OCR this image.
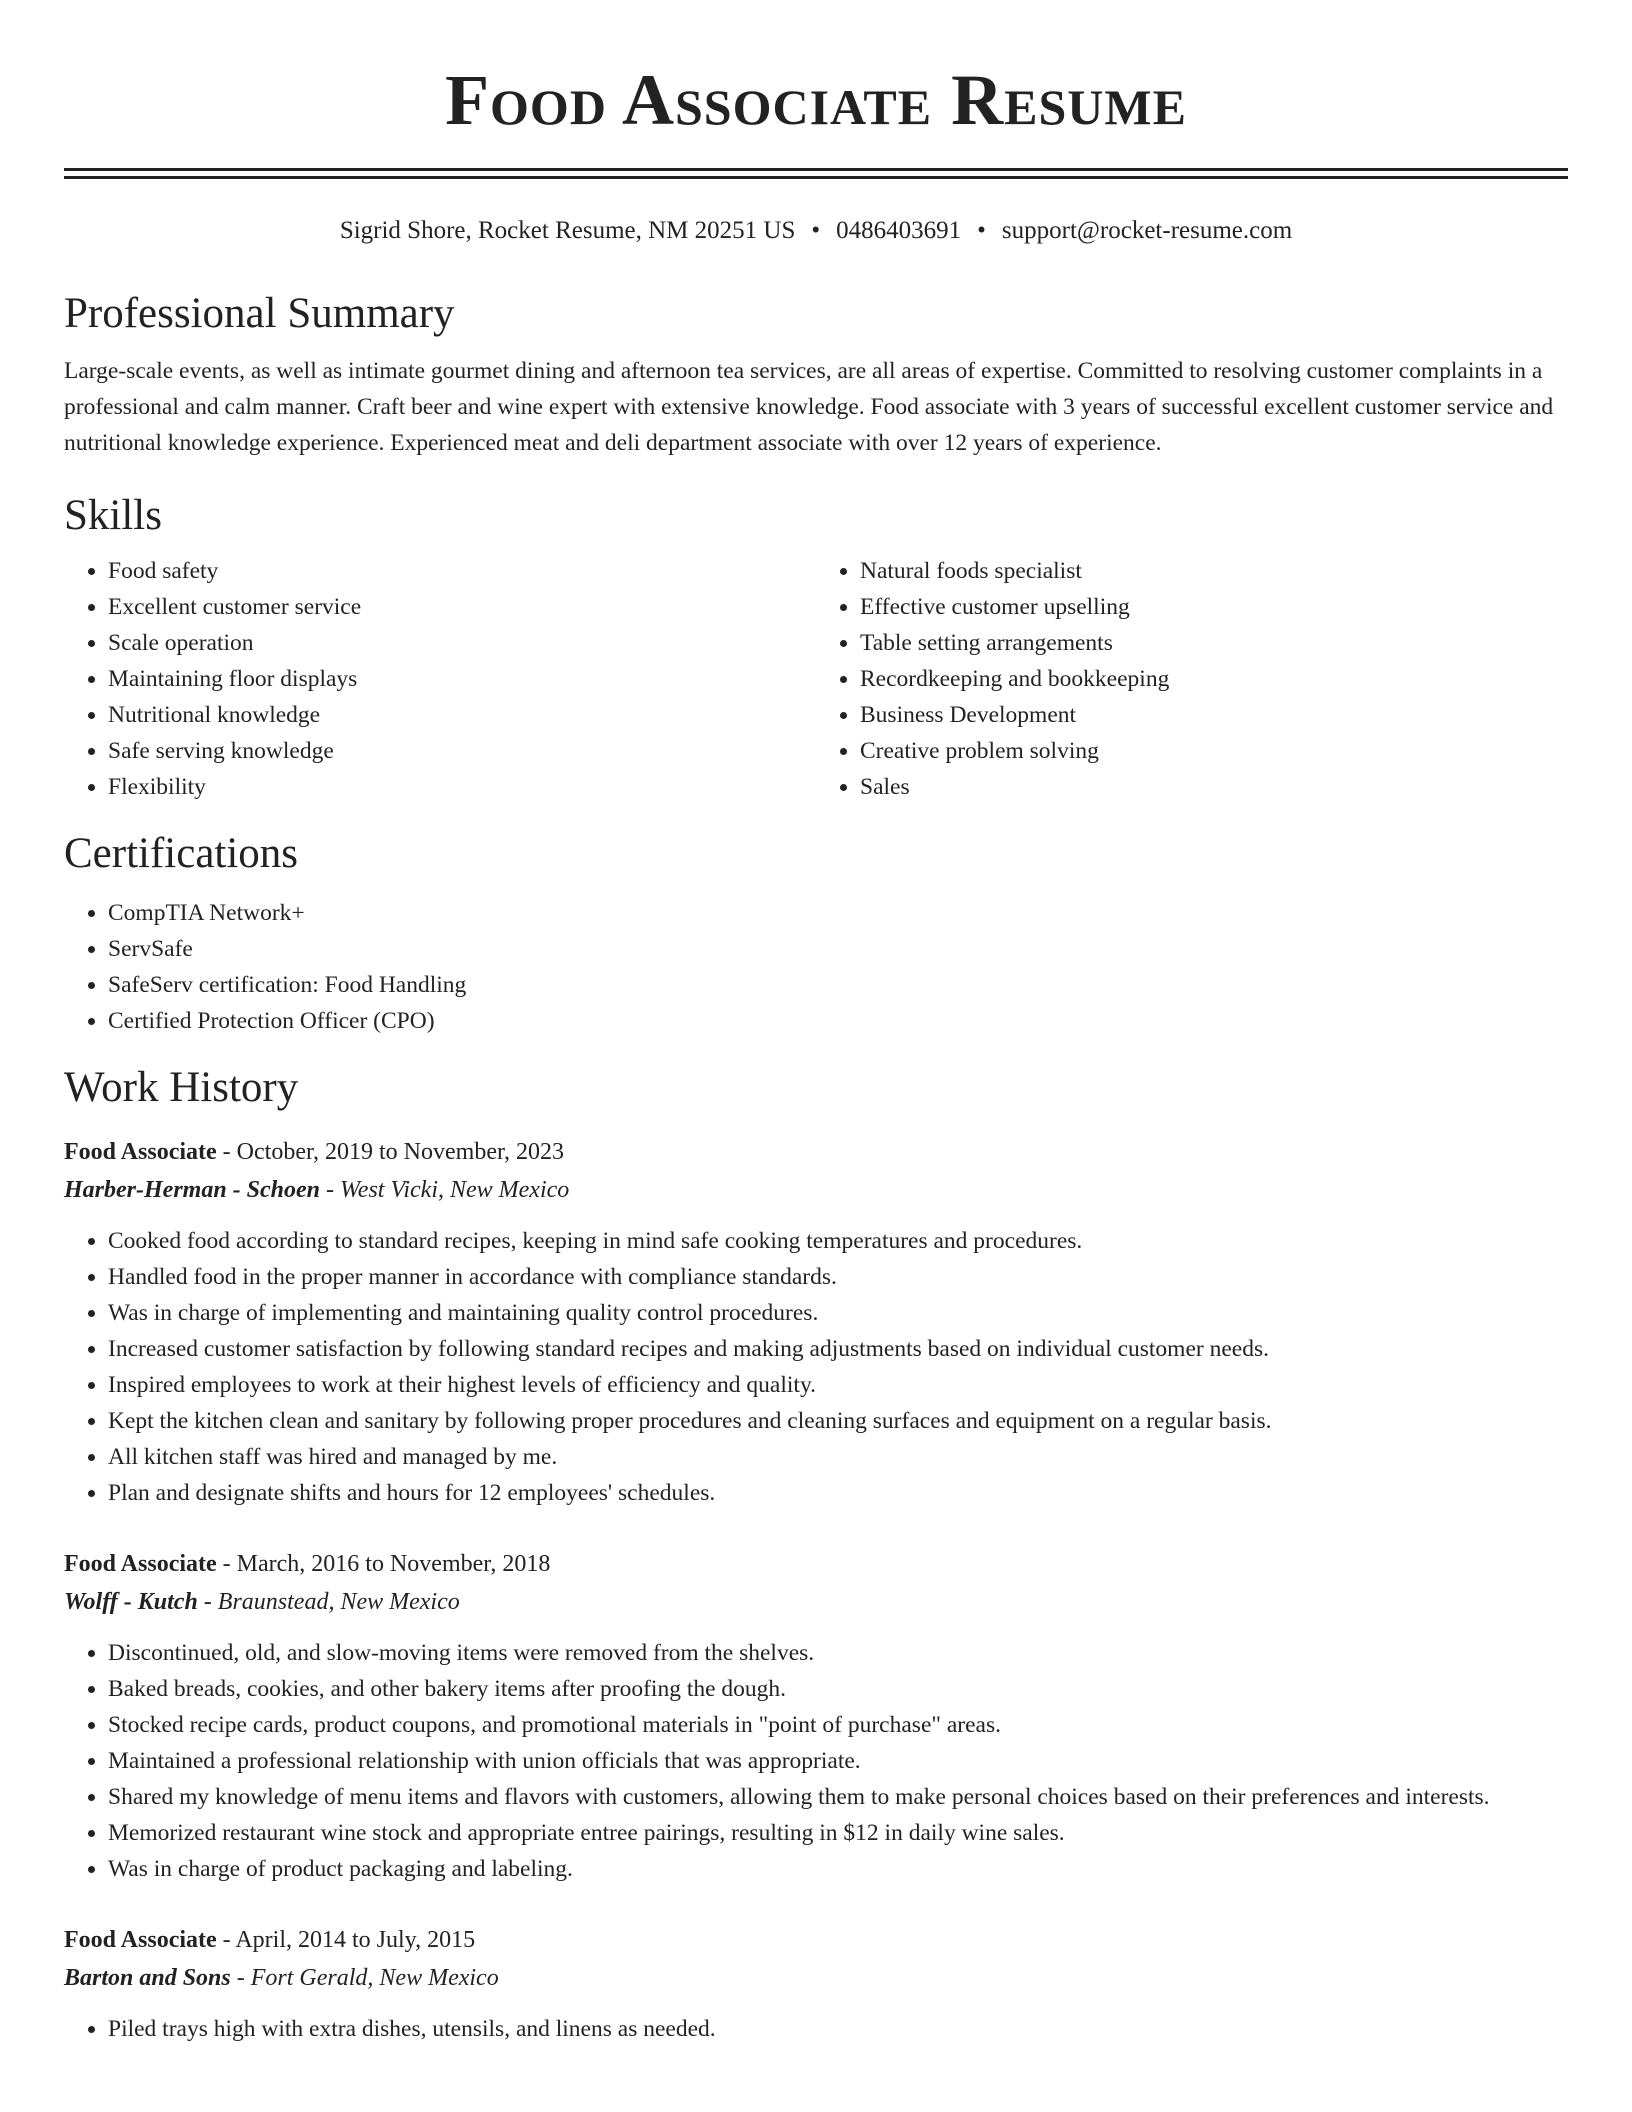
Food Associate Resume
Sigrid Shore, Rocket Resume, NM 20251 US • 0486403691 • support@rocket-resume.com
Professional Summary

Large-scale events, as well as intimate gourmet dining and afternoon tea services, are all areas of expertise. Committed to resolving customer complaints in a professional and calm manner. Craft beer and wine expert with extensive knowledge. Food associate with 3 years of successful excellent customer service and nutritional knowledge experience. Experienced meat and deli department associate with over 12 years of experience.

Skills
• Food safety
• Excellent customer service
• Scale operation
• Maintaining floor displays
• Nutritional knowledge
• Safe serving knowledge
• Flexibility
• Natural foods specialist
• Effective customer upselling
• Table setting arrangements
• Recordkeeping and bookkeeping
• Business Development
• Creative problem solving
• Sales
Certifications
• CompTIA Network+
• ServSafe
• SafeServ certification: Food Handling
• Certified Protection Officer (CPO)
Work History
Food Associate - October, 2019 to November, 2023
Harber-Herman - Schoen - West Vicki, New Mexico
• Cooked food according to standard recipes, keeping in mind safe cooking temperatures and procedures.
• Handled food in the proper manner in accordance with compliance standards.
• Was in charge of implementing and maintaining quality control procedures.
• Increased customer satisfaction by following standard recipes and making adjustments based on individual customer needs.
• Inspired employees to work at their highest levels of efficiency and quality.
• Kept the kitchen clean and sanitary by following proper procedures and cleaning surfaces and equipment on a regular basis.
• All kitchen staff was hired and managed by me.
• Plan and designate shifts and hours for 12 employees' schedules.
Food Associate - March, 2016 to November, 2018
Wolff - Kutch - Braunstead, New Mexico
• Discontinued, old, and slow-moving items were removed from the shelves.
• Baked breads, cookies, and other bakery items after proofing the dough.
• Stocked recipe cards, product coupons, and promotional materials in "point of purchase" areas.
• Maintained a professional relationship with union officials that was appropriate.
• Shared my knowledge of menu items and flavors with customers, allowing them to make personal choices based on their preferences and interests.
• Memorized restaurant wine stock and appropriate entree pairings, resulting in $12 in daily wine sales.
• Was in charge of product packaging and labeling.
Food Associate - April, 2014 to July, 2015
Barton and Sons - Fort Gerald, New Mexico
• Piled trays high with extra dishes, utensils, and linens as needed.
